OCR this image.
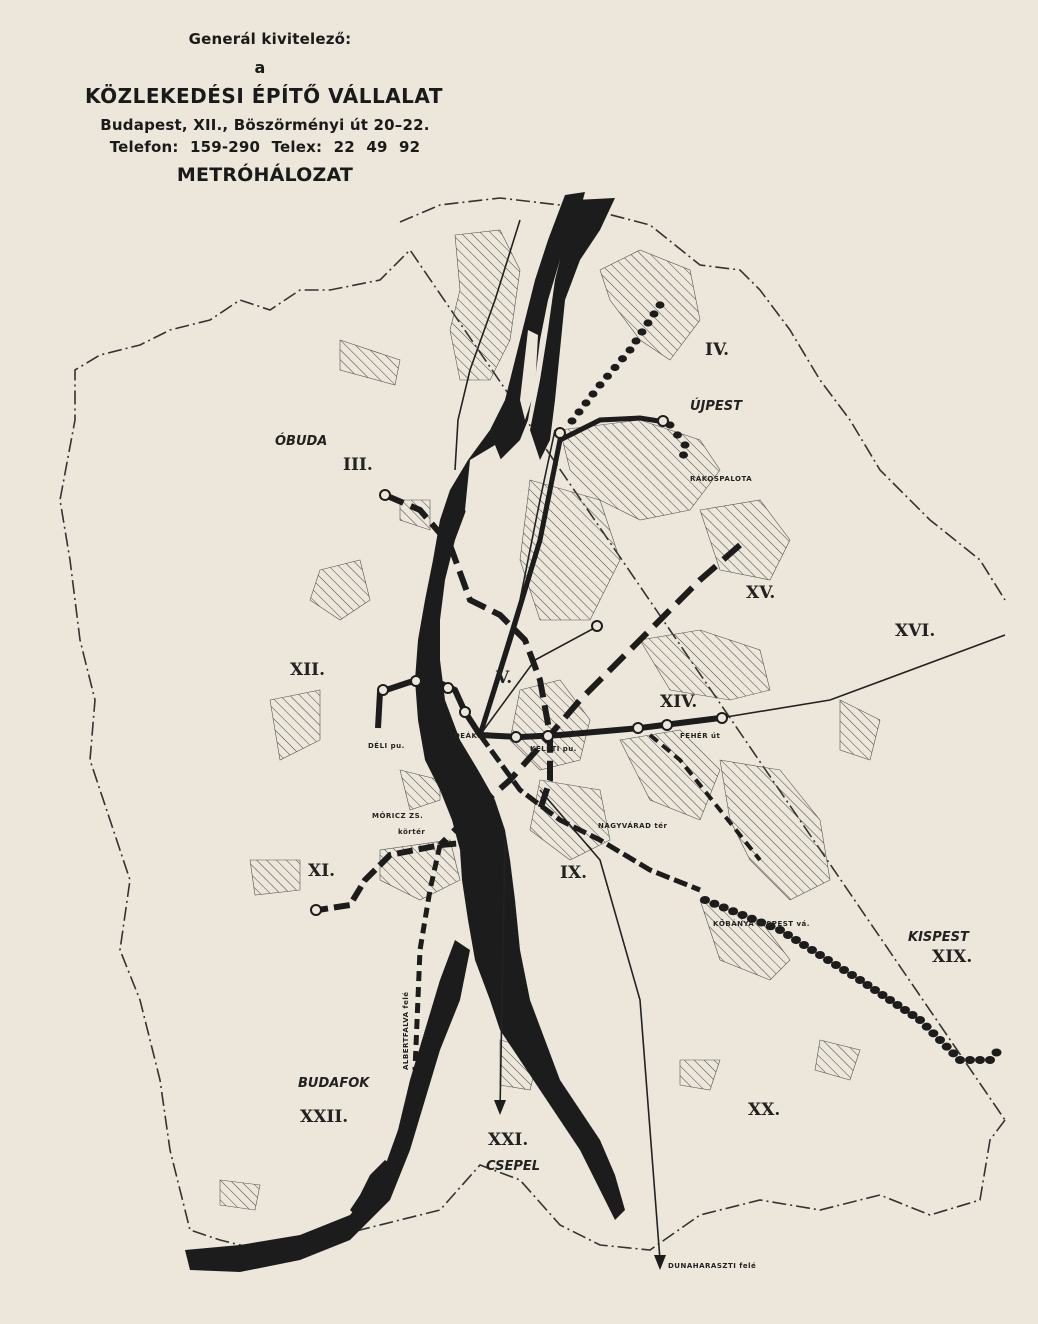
Generál kivitelező:
a
KÖZLEKEDÉSI ÉPÍTŐ VÁLLALAT
Budapest, XII., Böszörményi út 20–22.
Telefon: 159-290 Telex: 22 49 92
METRÓHÁLOZAT
IV.
III.
XV.
XVI.
XII.	V.
XIV.
XI.	IX.
XIX.
XXII.	XX.
XXI.
ÚJPEST
ÓBUDA
KISPEST
BUDAFOK
CSEPEL
RÁKOSPALOTA
DÉLI pu.	KELETI pu.
FEHÉR út
MÓRICZ ZS.
körtér
NAGYVÁRAD tér
KŐBÁNYA KISPEST vá.
DUNAHARASZTI felé
ALBERTFALVA felé
DEÁK tér
